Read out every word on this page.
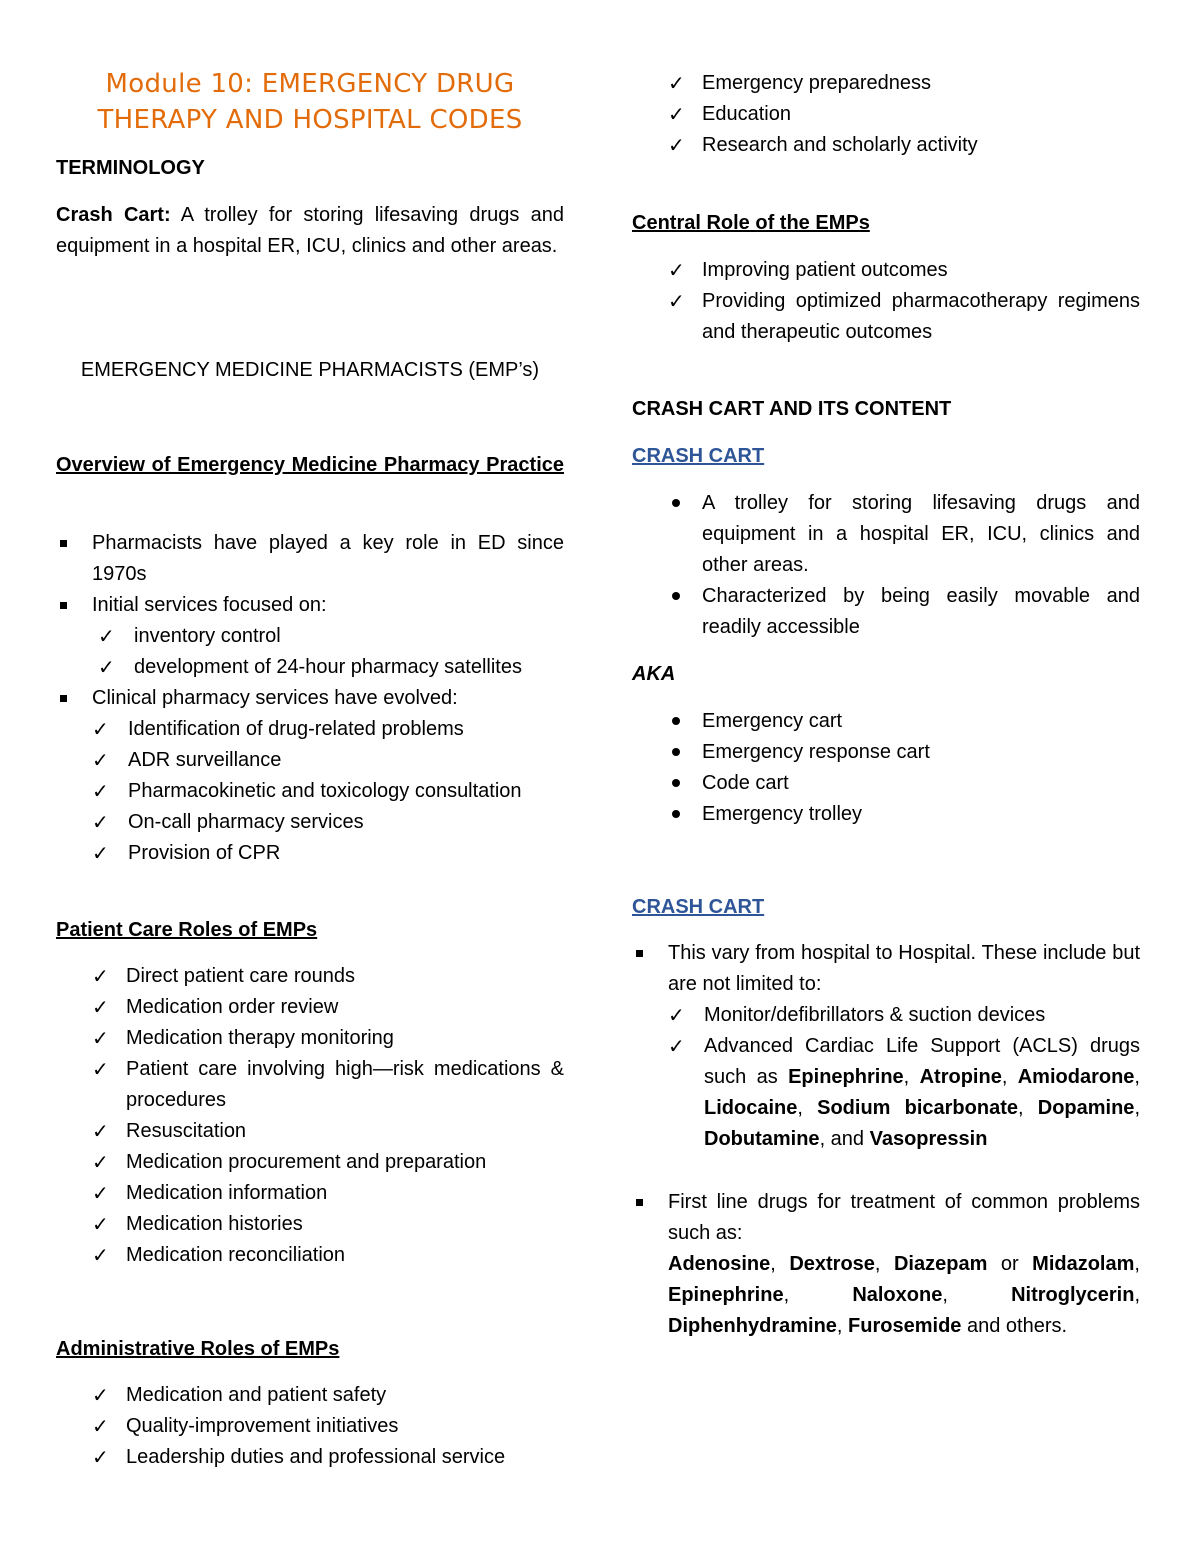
Module 10: EMERGENCY DRUG THERAPY AND HOSPITAL CODES
TERMINOLOGY
Crash Cart: A trolley for storing lifesaving drugs and equipment in a hospital ER, ICU, clinics and other areas.
EMERGENCY MEDICINE PHARMACISTS (EMP’s)
Overview of Emergency Medicine Pharmacy Practice
Pharmacists have played a key role in ED since 1970s
Initial services focused on:
✓ inventory control
✓ development of 24-hour pharmacy satellites
Clinical pharmacy services have evolved:
✓ Identification of drug-related problems
✓ ADR surveillance
✓ Pharmacokinetic and toxicology consultation
✓ On-call pharmacy services
✓ Provision of CPR
Patient Care Roles of EMPs
✓ Direct patient care rounds
✓ Medication order review
✓ Medication therapy monitoring
✓ Patient care involving high—risk medications & procedures
✓ Resuscitation
✓ Medication procurement and preparation
✓ Medication information
✓ Medication histories
✓ Medication reconciliation
Administrative Roles of EMPs
✓ Medication and patient safety
✓ Quality-improvement initiatives
✓ Leadership duties and professional service
✓ Emergency preparedness
✓ Education
✓ Research and scholarly activity
Central Role of the EMPs
✓ Improving patient outcomes
✓ Providing optimized pharmacotherapy regimens and therapeutic outcomes
CRASH CART AND ITS CONTENT
CRASH CART
A trolley for storing lifesaving drugs and equipment in a hospital ER, ICU, clinics and other areas.
Characterized by being easily movable and readily accessible
AKA
Emergency cart
Emergency response cart
Code cart
Emergency trolley
CRASH CART
This vary from hospital to Hospital. These include but are not limited to:
✓ Monitor/defibrillators & suction devices
✓ Advanced Cardiac Life Support (ACLS) drugs such as Epinephrine, Atropine, Amiodarone, Lidocaine, Sodium bicarbonate, Dopamine, Dobutamine, and Vasopressin
First line drugs for treatment of common problems such as:
Adenosine, Dextrose, Diazepam or Midazolam, Epinephrine, Naloxone, Nitroglycerin, Diphenhydramine, Furosemide and others.
